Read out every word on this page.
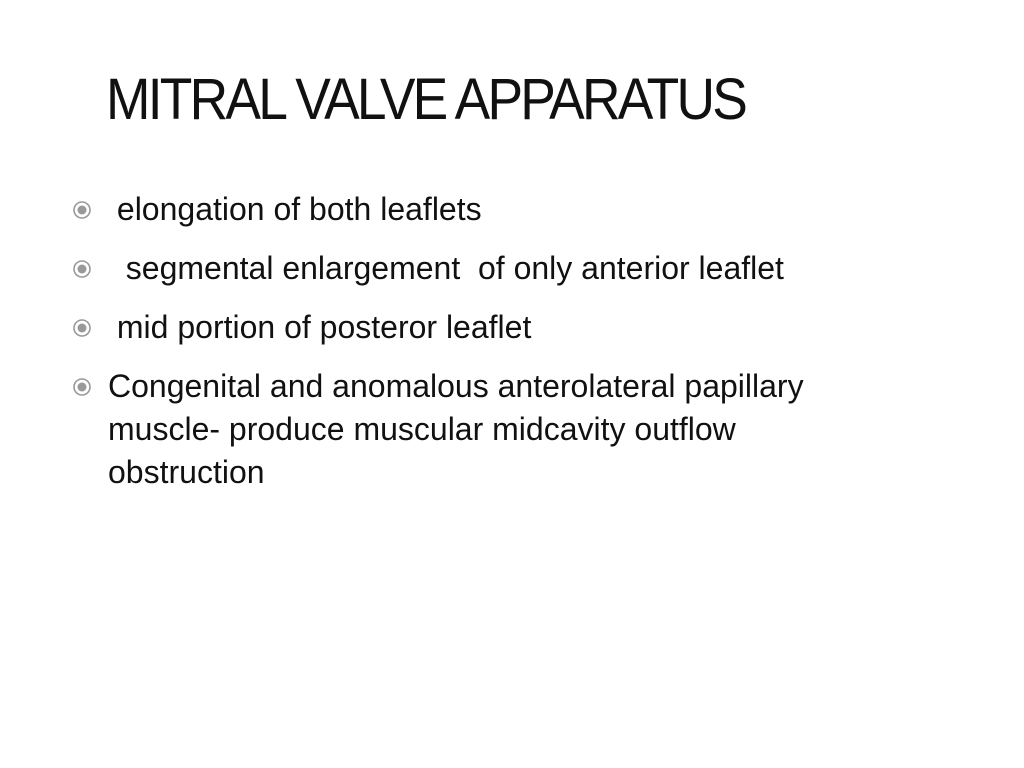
MITRAL VALVE APPARATUS
elongation of both leaflets
segmental enlargement  of only anterior leaflet
mid portion of posteror leaflet
Congenital and anomalous anterolateral papillary muscle- produce muscular midcavity outflow obstruction
